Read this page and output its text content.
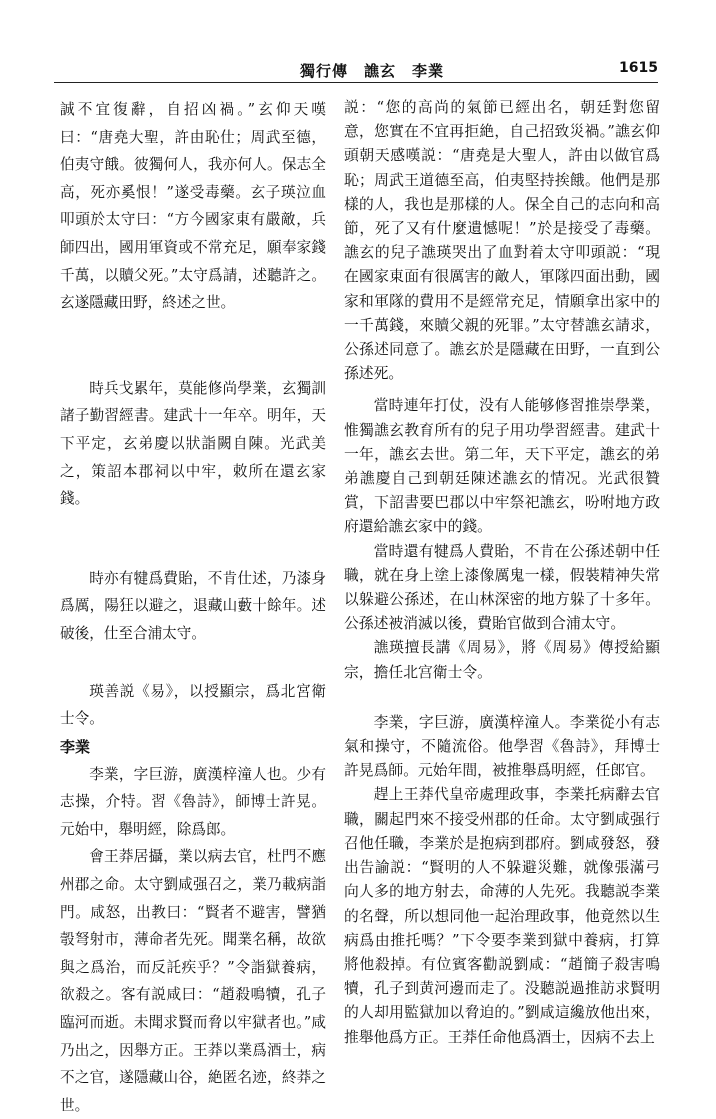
獨行傳　譙玄　李業	1615

誠不宜復辭，自招凶禍。”玄仰天嘆曰：“唐堯大聖，許由恥仕；周武至德，伯夷守餓。彼獨何人，我亦何人。保志全高，死亦奚恨！”遂受毒藥。玄子瑛泣血叩頭於太守曰：“方今國家東有嚴敵，兵師四出，國用軍資或不常充足，願奉家錢千萬，以贖父死。”太守爲請，述聽許之。玄遂隱藏田野，終述之世。

時兵戈累年，莫能修尚學業，玄獨訓諸子勤習經書。建武十一年卒。明年，天下平定，玄弟慶以狀詣闕自陳。光武美之，策詔本郡祠以中牢，敕所在還玄家錢。

時亦有犍爲費貽，不肯仕述，乃漆身爲厲，陽狂以避之，退藏山藪十餘年。述破後，仕至合浦太守。

瑛善説《易》，以授顯宗，爲北宮衛士令。

李業

李業，字巨游，廣漢梓潼人也。少有志操，介特。習《魯詩》，師博士許晃。元始中，舉明經，除爲郎。

會王莽居攝，業以病去官，杜門不應州郡之命。太守劉咸强召之，業乃載病詣門。咸怒，出教曰：“賢者不避害，譬猶彀弩射市，薄命者先死。聞業名稱，故欲與之爲治，而反託疾乎？”令詣獄養病，欲殺之。客有説咸曰：“趙殺鳴犢，孔子臨河而逝。未聞求賢而脅以牢獄者也。”咸乃出之，因舉方正。王莽以業爲酒士，病不之官，遂隱藏山谷，絶匿名迹，終莽之世。

説：“您的高尚的氣節已經出名，朝廷對您留意，您實在不宜再拒絶，自己招致災禍。”譙玄仰頭朝天感嘆説：“唐堯是大聖人，許由以做官爲恥；周武王道德至高，伯夷堅持挨餓。他們是那樣的人，我也是那樣的人。保全自己的志向和高節，死了又有什麼遺憾呢！”於是接受了毒藥。譙玄的兒子譙瑛哭出了血對着太守叩頭説：“現在國家東面有很厲害的敵人，軍隊四面出動，國家和軍隊的費用不是經常充足，情願拿出家中的一千萬錢，來贖父親的死罪。”太守替譙玄請求，公孫述同意了。譙玄於是隱藏在田野，一直到公孫述死。

當時連年打仗，没有人能够修習推崇學業，惟獨譙玄教育所有的兒子用功學習經書。建武十一年，譙玄去世。第二年，天下平定，譙玄的弟弟譙慶自己到朝廷陳述譙玄的情况。光武很贊賞，下詔書要巴郡以中牢祭祀譙玄，吩咐地方政府還給譙玄家中的錢。

當時還有犍爲人費貽，不肯在公孫述朝中任職，就在身上塗上漆像厲鬼一樣，假裝精神失常以躲避公孫述，在山林深密的地方躲了十多年。公孫述被消滅以後，費貽官做到合浦太守。

譙瑛擅長講《周易》，將《周易》傳授給顯宗，擔任北宫衛士令。

李業，字巨游，廣漢梓潼人。李業從小有志氣和操守，不隨流俗。他學習《魯詩》，拜博士許晃爲師。元始年間，被推舉爲明經，任郎官。

趕上王莽代皇帝處理政事，李業托病辭去官職，關起門來不接受州郡的任命。太守劉咸强行召他任職，李業於是抱病到郡府。劉咸發怒，發出告諭説：“賢明的人不躲避災難，就像張滿弓向人多的地方射去，命薄的人先死。我聽説李業的名聲，所以想同他一起治理政事，他竟然以生病爲由推托嗎？”下令要李業到獄中養病，打算將他殺掉。有位賓客勸説劉咸：“趙簡子殺害鳴犢，孔子到黄河邊而走了。没聽説過推訪求賢明的人却用監獄加以脅迫的。”劉咸這纔放他出來，推舉他爲方正。王莽任命他爲酒士，因病不去上
